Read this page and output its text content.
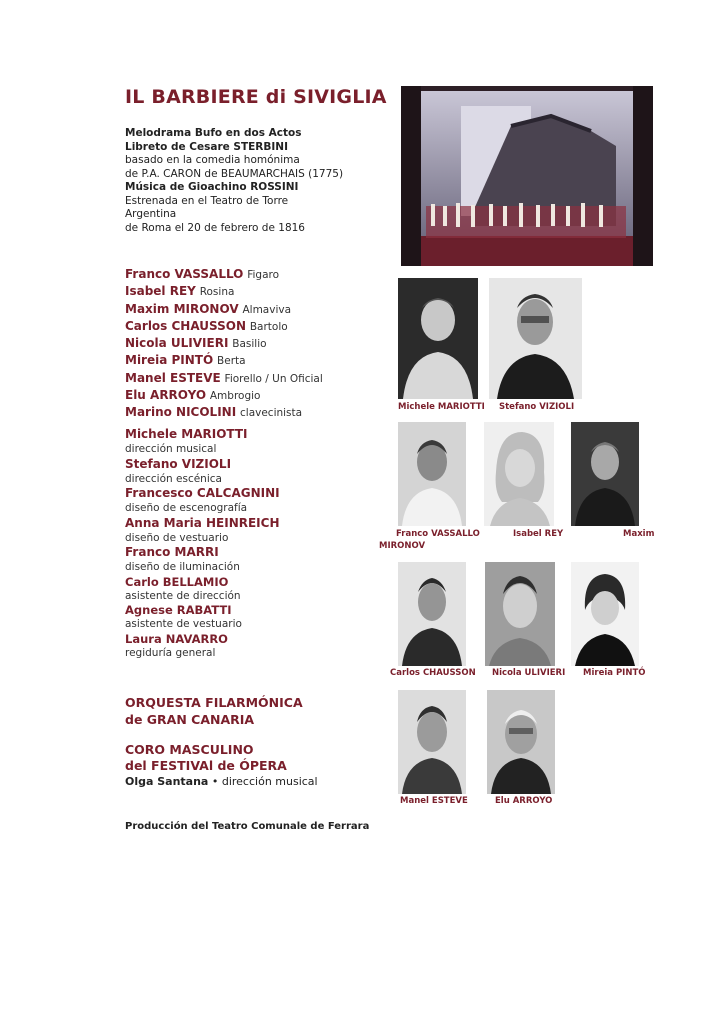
IL BARBIERE di SIVIGLIA
Melodrama Bufo en dos Actos
Libreto de Cesare STERBINI
basado en la comedia homónima
de P.A. CARON de BEAUMARCHAIS (1775)
Música de Gioachino ROSSINI
Estrenada en el Teatro de Torre
Argentina
de Roma el 20 de febrero de 1816
Franco VASSALLO Figaro
Isabel REY Rosina
Maxim MIRONOV Almaviva
Carlos CHAUSSON Bartolo
Nicola ULIVIERI Basilio
Mireia PINTÓ Berta
Manel ESTEVE Fiorello / Un Oficial
Elu ARROYO Ambrogio
Marino NICOLINI clavecinista
Michele MARIOTTI
dirección musical
Stefano VIZIOLI
dirección escénica
Francesco CALCAGNINI
diseño de escenografía
Anna Maria HEINREICH
diseño de vestuario
Franco MARRI
diseño de iluminación
Carlo BELLAMIO
asistente de dirección
Agnese RABATTI
asistente de vestuario
Laura NAVARRO
regiduría general
ORQUESTA FILARMÓNICA
de GRAN CANARIA
CORO MASCULINO
del FESTIVAl de ÓPERA
Olga Santana • dirección musical
Producción del Teatro Comunale de Ferrara
Michele MARIOTTI Stefano VIZIOLI
Franco VASSALLO
MIRONOV
Isabel REY	Maxim
Carlos CHAUSSON Nicola ULIVIERI Mireia PINTÓ
Manel ESTEVE	Elu ARROYO
